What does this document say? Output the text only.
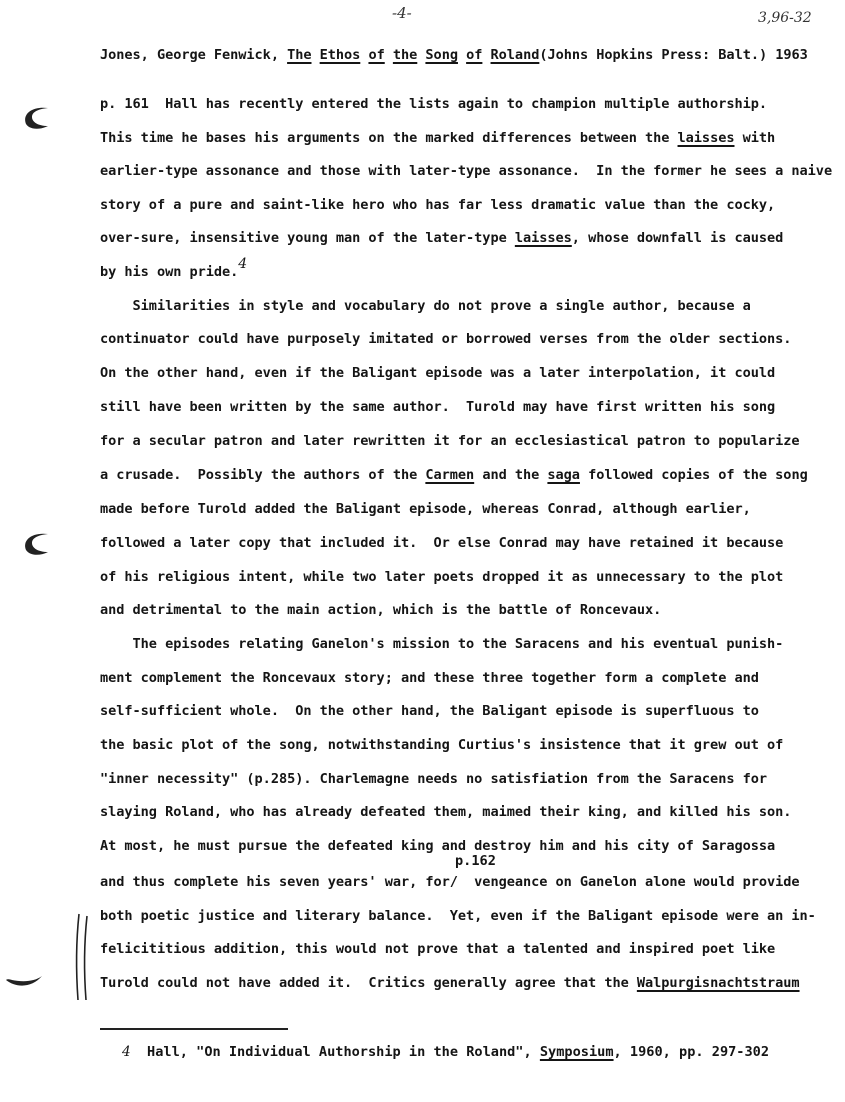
-4-	3,96-32
Jones, George Fenwick, The Ethos of the Song of Roland(Johns Hopkins Press: Balt.) 1963
p. 161  Hall has recently entered the lists again to champion multiple authorship.
This time he bases his arguments on the marked differences between the laisses with
earlier-type assonance and those with later-type assonance.  In the former he sees a naive
story of a pure and saint-like hero who has far less dramatic value than the cocky,
over-sure, insensitive young man of the later-type laisses, whose downfall is caused
by his own pride.4
Similarities in style and vocabulary do not prove a single author, because a
continuator could have purposely imitated or borrowed verses from the older sections.
On the other hand, even if the Baligant episode was a later interpolation, it could
still have been written by the same author.  Turold may have first written his song
for a secular patron and later rewritten it for an ecclesiastical patron to popularize
a crusade.  Possibly the authors of the Carmen and the saga followed copies of the song
made before Turold added the Baligant episode, whereas Conrad, although earlier,
followed a later copy that included it.  Or else Conrad may have retained it because
of his religious intent, while two later poets dropped it as unnecessary to the plot
and detrimental to the main action, which is the battle of Roncevaux.
The episodes relating Ganelon's mission to the Saracens and his eventual punish-
ment complement the Roncevaux story; and these three together form a complete and
self-sufficient whole.  On the other hand, the Baligant episode is superfluous to
the basic plot of the song, notwithstanding Curtius's insistence that it grew out of
"inner necessity" (p.285). Charlemagne needs no satisfiation from the Saracens for
slaying Roland, who has already defeated them, maimed their king, and killed his son.
At most, he must pursue the defeated king and destroy him and his city of Saragossa
p.162
and thus complete his seven years' war, for/  vengeance on Ganelon alone would provide
both poetic justice and literary balance.  Yet, even if the Baligant episode were an in-
felicititious addition, this would not prove that a talented and inspired poet like
Turold could not have added it.  Critics generally agree that the Walpurgisnachtstraum
4  Hall, "On Individual Authorship in the Roland", Symposium, 1960, pp. 297-302
